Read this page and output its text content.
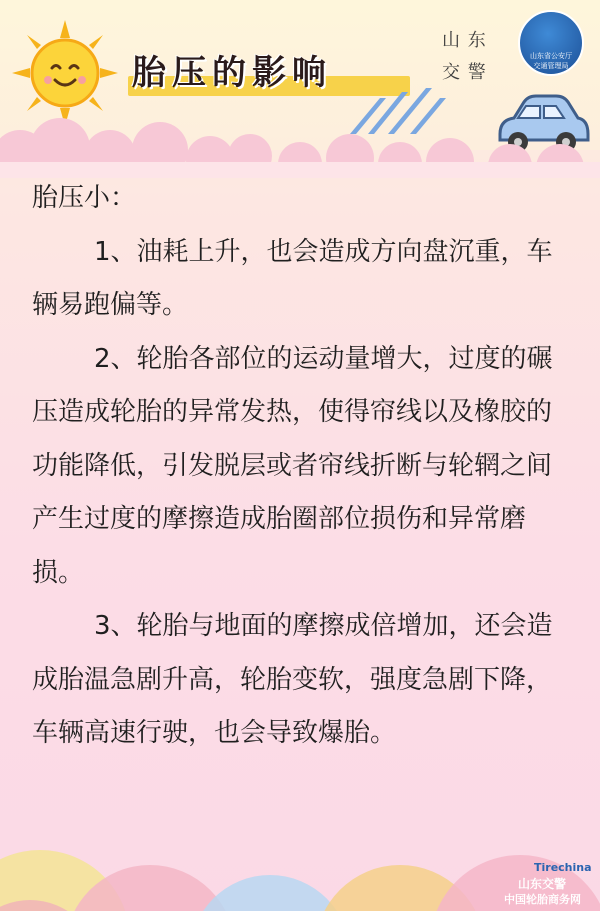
胎压的影响
山 东
交 警
山东省公安厅
交通管理局

胎压小：

1、油耗上升，也会造成方向盘沉重，车辆易跑偏等。

2、轮胎各部位的运动量增大，过度的碾压造成轮胎的异常发热，使得帘线以及橡胶的功能降低，引发脱层或者帘线折断与轮辋之间产生过度的摩擦造成胎圈部位损伤和异常磨损。

3、轮胎与地面的摩擦成倍增加，还会造成胎温急剧升高，轮胎变软，强度急剧下降，车辆高速行驶，也会导致爆胎。

Tirechina
山东交警
中国轮胎商务网
